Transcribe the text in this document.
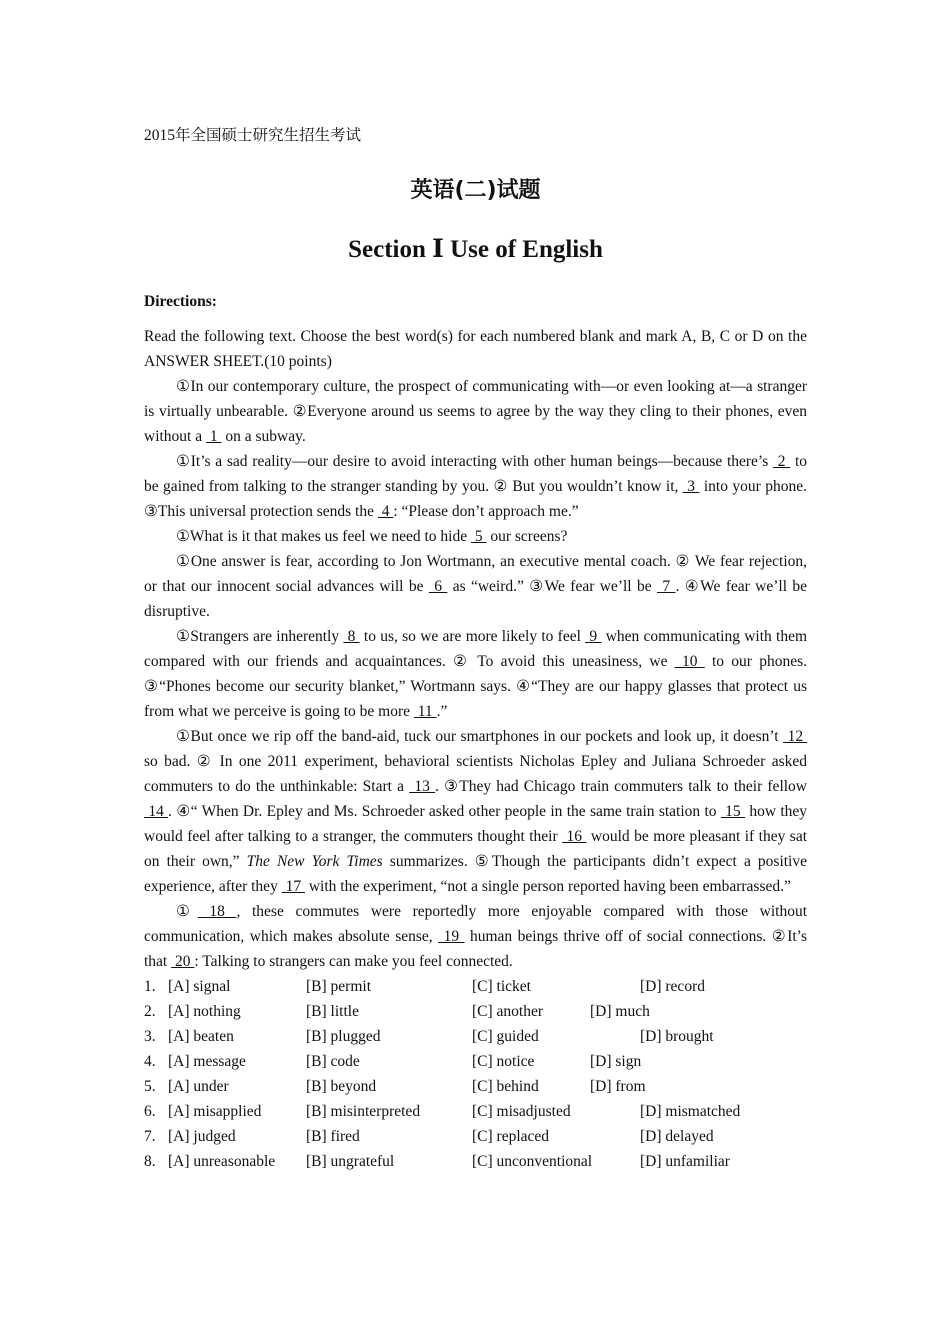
2015年全国硕士研究生招生考试
英语(二)试题
Section Ⅰ Use of English
Directions:
Read the following text. Choose the best word(s) for each numbered blank and mark A, B, C or D on the ANSWER SHEET.(10 points)
①In our contemporary culture, the prospect of communicating with—or even looking at—a stranger is virtually unbearable. ②Everyone around us seems to agree by the way they cling to their phones, even without a  1  on a subway.
①It’s a sad reality—our desire to avoid interacting with other human beings—because there’s  2  to be gained from talking to the stranger standing by you. ② But you wouldn’t know it,  3  into your phone. ③This universal protection sends the  4 : “Please don’t approach me.”
①What is it that makes us feel we need to hide  5  our screens?
①One answer is fear, according to Jon Wortmann, an executive mental coach. ② We fear rejection, or that our innocent social advances will be  6  as “weird.” ③We fear we’ll be  7 . ④We fear we’ll be disruptive.
①Strangers are inherently  8  to us, so we are more likely to feel  9  when communicating with them compared with our friends and acquaintances. ② To avoid this uneasiness, we  10  to our phones. ③“Phones become our security blanket,” Wortmann says. ④“They are our happy glasses that protect us from what we perceive is going to be more  11 .”
①But once we rip off the band-aid, tuck our smartphones in our pockets and look up, it doesn’t  12  so bad. ② In one 2011 experiment, behavioral scientists Nicholas Epley and Juliana Schroeder asked commuters to do the unthinkable: Start a  13 . ③They had Chicago train commuters talk to their fellow  14 . ④“ When Dr. Epley and Ms. Schroeder asked other people in the same train station to  15  how they would feel after talking to a stranger, the commuters thought their  16  would be more pleasant if they sat on their own,” The New York Times summarizes. ⑤Though the participants didn’t expect a positive experience, after they  17  with the experiment, “not a single person reported having been embarrassed.”
① 18 , these commutes were reportedly more enjoyable compared with those without communication, which makes absolute sense,  19  human beings thrive off of social connections. ②It’s that  20 : Talking to strangers can make you feel connected.
1. [A] signal	[B] permit	[C] ticket	[D] record
2. [A] nothing	[B] little	[C] another	[D] much
3. [A] beaten	[B] plugged	[C] guided	[D] brought
4. [A] message	[B] code	[C] notice	[D] sign
5. [A] under	[B] beyond	[C] behind	[D] from
6. [A] misapplied	[B] misinterpreted	[C] misadjusted	[D] mismatched
7. [A] judged	[B] fired	[C] replaced	[D] delayed
8. [A] unreasonable [B] ungrateful	[C] unconventional	[D] unfamiliar
